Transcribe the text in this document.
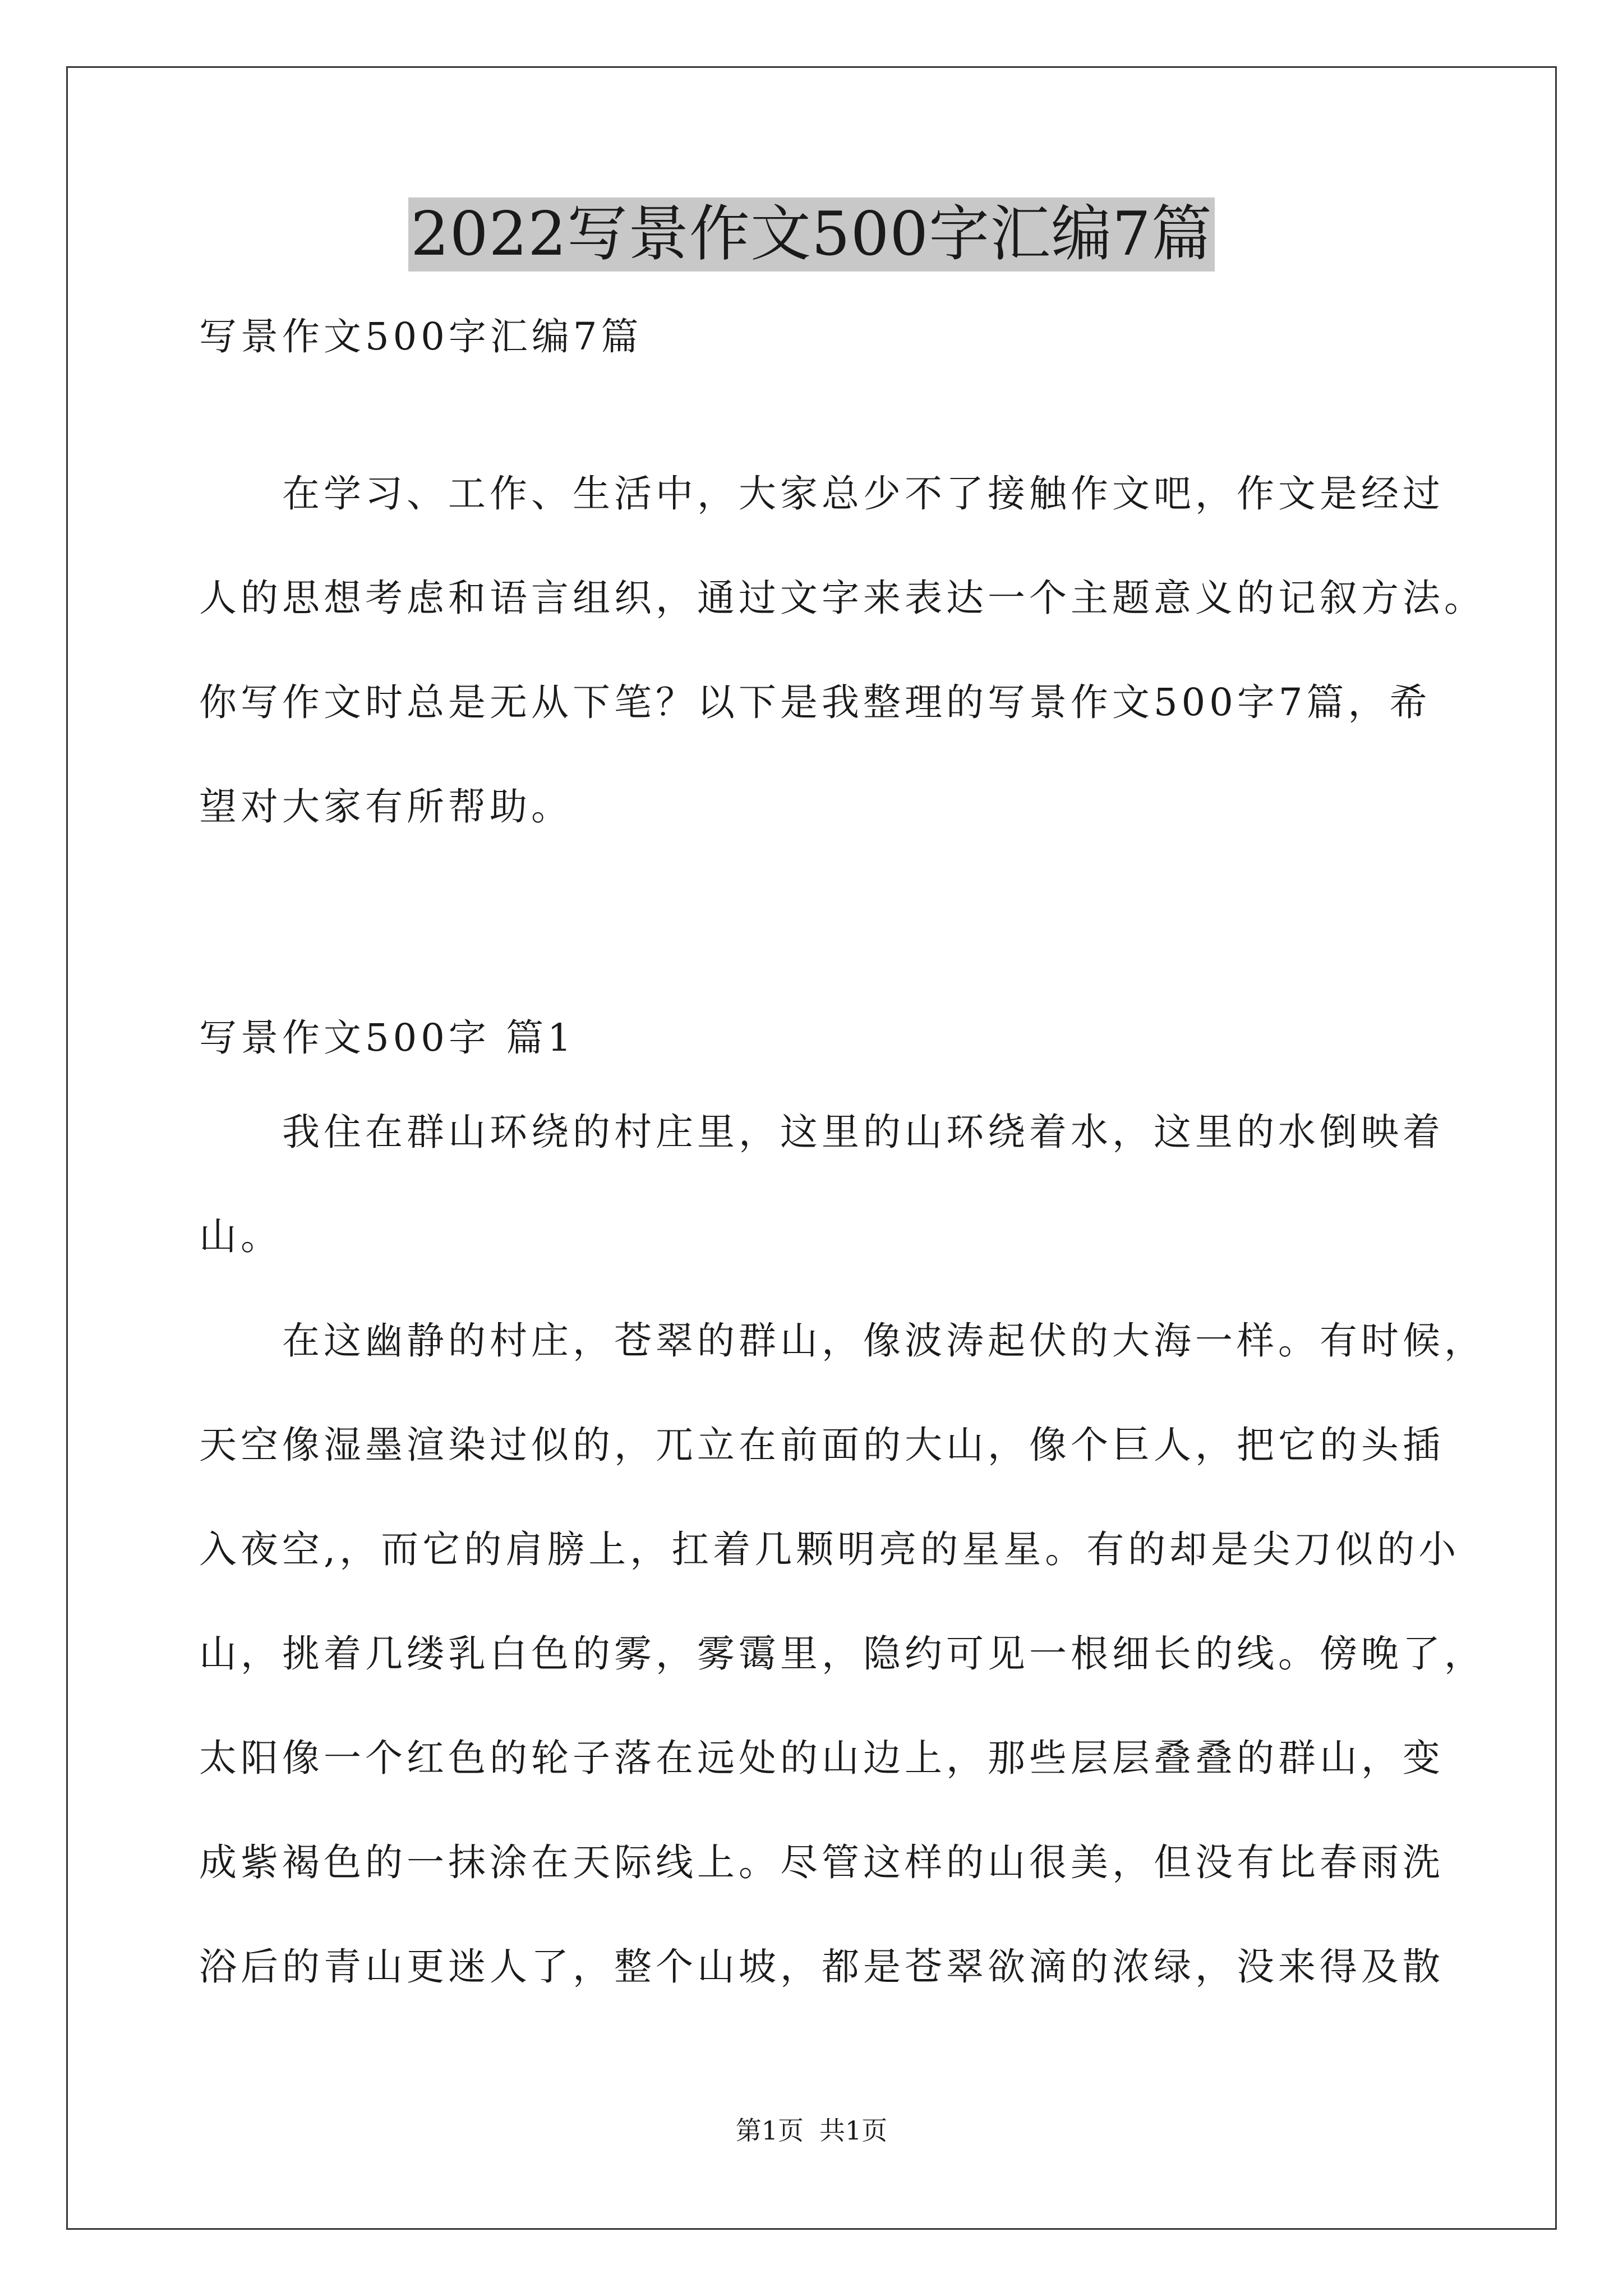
2022写景作文500字汇编7篇
写景作文500字汇编7篇
　　在学习、工作、生活中，大家总少不了接触作文吧，作文是经过
人的思想考虑和语言组织，通过文字来表达一个主题意义的记叙方法。
你写作文时总是无从下笔？以下是我整理的写景作文500字7篇，希
望对大家有所帮助。
写景作文500字 篇1
　　我住在群山环绕的村庄里，这里的山环绕着水，这里的水倒映着
山。
　　在这幽静的村庄，苍翠的群山，像波涛起伏的大海一样。有时候，
天空像湿墨渲染过似的，兀立在前面的大山，像个巨人，把它的头插
入夜空,，而它的肩膀上，扛着几颗明亮的星星。有的却是尖刀似的小
山，挑着几缕乳白色的雾，雾霭里，隐约可见一根细长的线。傍晚了，
太阳像一个红色的轮子落在远处的山边上，那些层层叠叠的群山，变
成紫褐色的一抹涂在天际线上。尽管这样的山很美，但没有比春雨洗
浴后的青山更迷人了，整个山坡，都是苍翠欲滴的浓绿，没来得及散
第1页 共1页
